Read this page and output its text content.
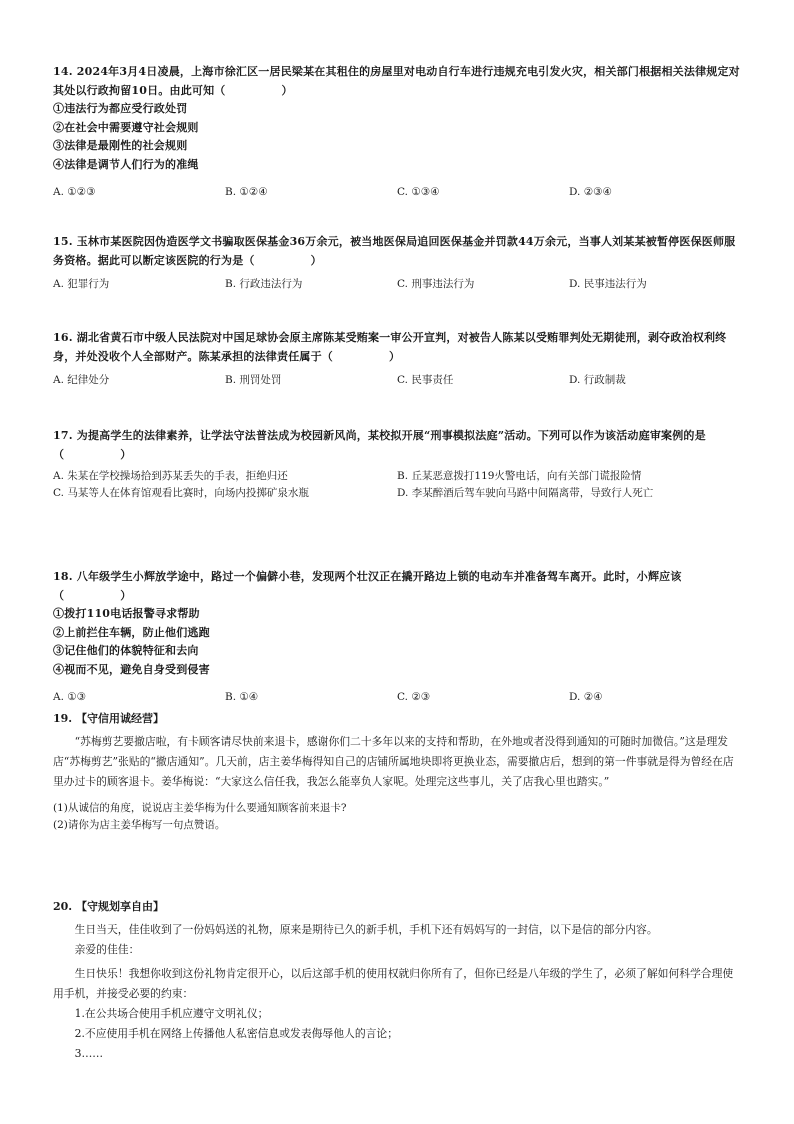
14. 2024年3月4日凌晨，上海市徐汇区一居民梁某在其租住的房屋里对电动自行车进行违规充电引发火灾，相关部门根据相关法律规定对其处以行政拘留10日。由此可知（　　　　　）

①违法行为都应受行政处罚

②在社会中需要遵守社会规则

③法律是最刚性的社会规则

④法律是调节人们行为的准绳

A. ①②③	B. ①②④	C. ①③④	D. ②③④

15. 玉林市某医院因伪造医学文书骗取医保基金36万余元，被当地医保局追回医保基金并罚款44万余元，当事人刘某某被暂停医保医师服务资格。据此可以断定该医院的行为是（　　　　　）

A. 犯罪行为	B. 行政违法行为	C. 刑事违法行为	D. 民事违法行为

16. 湖北省黄石市中级人民法院对中国足球协会原主席陈某受贿案一审公开宣判，对被告人陈某以受贿罪判处无期徒刑，剥夺政治权利终身，并处没收个人全部财产。陈某承担的法律责任属于（　　　　　）

A. 纪律处分	B. 刑罚处罚	C. 民事责任	D. 行政制裁

17. 为提高学生的法律素养，让学法守法普法成为校园新风尚，某校拟开展“刑事模拟法庭”活动。下列可以作为该活动庭审案例的是（　　　　　）

A. 朱某在学校操场拾到苏某丢失的手表，拒绝归还	B. 丘某恶意拨打119火警电话，向有关部门谎报险情
C. 马某等人在体育馆观看比赛时，向场内投掷矿泉水瓶	D. 李某醉酒后驾车驶向马路中间隔离带，导致行人死亡

18. 八年级学生小辉放学途中，路过一个偏僻小巷，发现两个壮汉正在撬开路边上锁的电动车并准备驾车离开。此时，小辉应该（　　　　　）

①拨打110电话报警寻求帮助

②上前拦住车辆，防止他们逃跑

③记住他们的体貌特征和去向

④视而不见，避免自身受到侵害

A. ①③	B. ①④	C. ②③	D. ②④

19. 【守信用诚经营】

“苏梅剪艺要撤店啦，有卡顾客请尽快前来退卡，感谢你们二十多年以来的支持和帮助，在外地或者没得到通知的可随时加微信。”这是理发店“苏梅剪艺”张贴的“撤店通知”。几天前，店主姜华梅得知自己的店铺所属地块即将更换业态，需要撤店后，想到的第一件事就是得为曾经在店里办过卡的顾客退卡。姜华梅说：“大家这么信任我，我怎么能辜负人家呢。处理完这些事儿，关了店我心里也踏实。”

(1)从诚信的角度，说说店主姜华梅为什么要通知顾客前来退卡?

(2)请你为店主姜华梅写一句点赞语。

20. 【守规划享自由】

生日当天，佳佳收到了一份妈妈送的礼物，原来是期待已久的新手机，手机下还有妈妈写的一封信，以下是信的部分内容。

亲爱的佳佳：

生日快乐！我想你收到这份礼物肯定很开心，以后这部手机的使用权就归你所有了，但你已经是八年级的学生了，必须了解如何科学合理使用手机，并接受必要的约束：

1.在公共场合使用手机应遵守文明礼仪；

2.不应使用手机在网络上传播他人私密信息或发表侮辱他人的言论；

3……
